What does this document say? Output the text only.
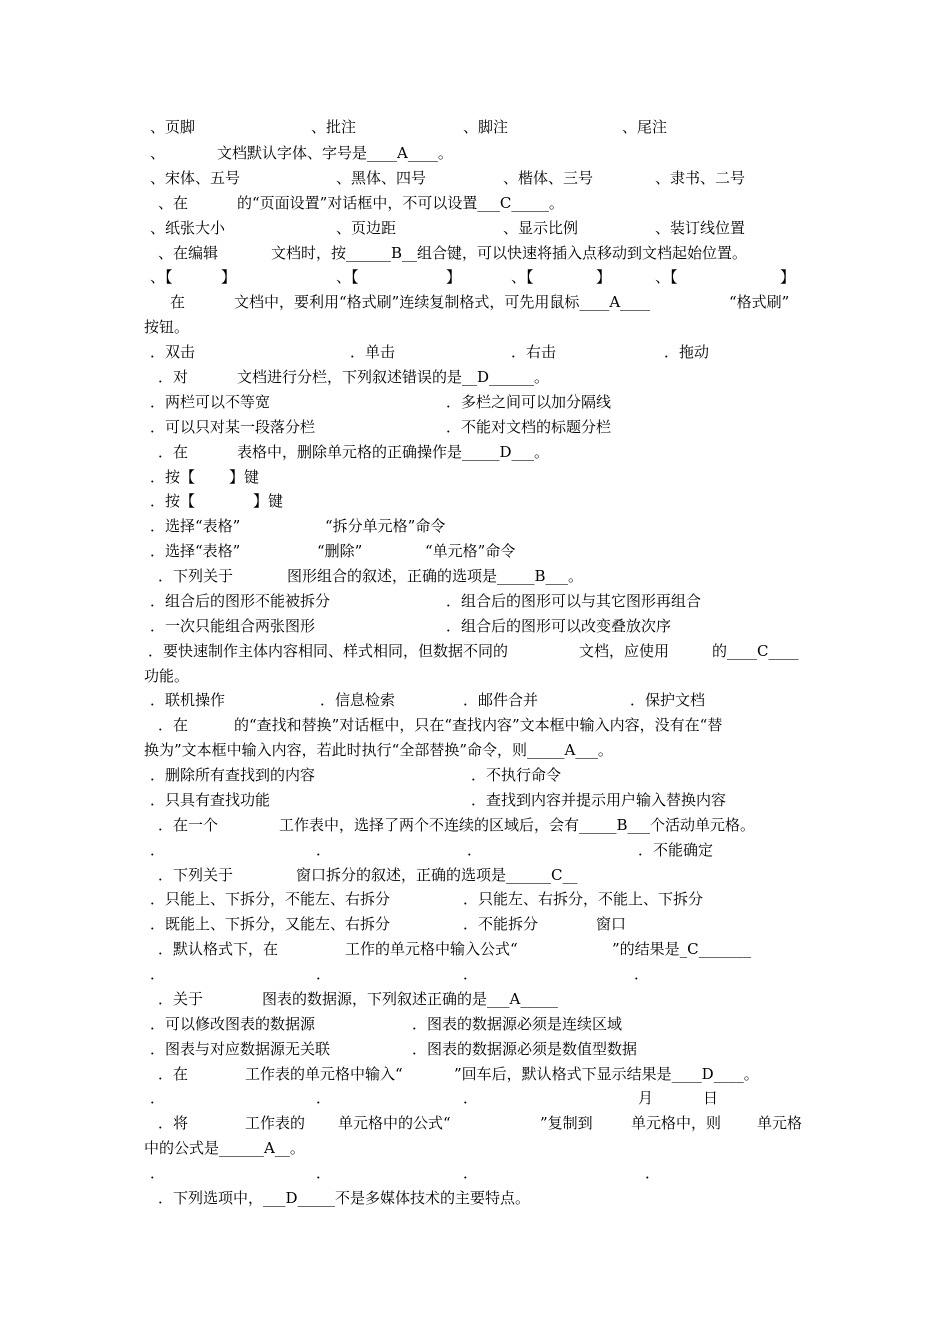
、页脚	、批注	、脚注	、尾注
、	文档默认字体、字号是____A____。
、宋体、五号	、黑体、四号	、楷体、三号	、隶书、二号
、在	的“页面设置”对话框中，不可以设置___C_____。
、纸张大小	、页边距	、显示比例	、装订线位置
、在编辑	文档时，按______B__组合键，可以快速将插入点移动到文档起始位置。
、【	】	、【	】	、【	】	、【	】
在	文档中，要利用“格式刷”连续复制格式，可先用鼠标____A____	“格式刷”
按钮。
．双击	．单击	．右击	．拖动
．对	文档进行分栏，下列叙述错误的是__D______。
．两栏可以不等宽	．多栏之间可以加分隔线
．可以只对某一段落分栏	．不能对文档的标题分栏
．在	表格中，删除单元格的正确操作是_____D___。
．按【 】键
．按【	】键
．选择“表格”	“拆分单元格”命令
．选择“表格”	“删除”	“单元格”命令
．下列关于	图形组合的叙述，正确的选项是_____B___。
．组合后的图形不能被拆分	．组合后的图形可以与其它图形再组合
．一次只能组合两张图形	．组合后的图形可以改变叠放次序
．要快速制作主体内容相同、样式相同，但数据不同的	文档，应使用	的____C____
功能。
．联机操作	．信息检索	．邮件合并	．保护文档
．在	的“查找和替换”对话框中，只在“查找内容”文本框中输入内容，没有在“替
换为”文本框中输入内容，若此时执行“全部替换”命令，则_____A___。
．删除所有查找到的内容	．不执行命令
．只具有查找功能	．查找到内容并提示用户输入替换内容
．在一个	工作表中，选择了两个不连续的区域后，会有_____B___个活动单元格。
．	．	．	．不能确定
．下列关于	窗口拆分的叙述，正确的选项是______C__
．只能上、下拆分，不能左、右拆分	．只能左、右拆分，不能上、下拆分
．既能上、下拆分，又能左、右拆分	．不能拆分	窗口
．默认格式下，在	工作的单元格中输入公式“	”的结果是_C_______
．	．	．	．
．关于	图表的数据源，下列叙述正确的是___A_____
．可以修改图表的数据源	．图表的数据源必须是连续区域
．图表与对应数据源无关联	．图表的数据源必须是数值型数据
．在	工作表的单元格中输入“	”回车后，默认格式下显示结果是____D____。
．	．	．	月	日
．将	工作表的 单元格中的公式“	”复制到	单元格中，则 单元格
中的公式是______A__。
．	．	．	．
．下列选项中，___D_____不是多媒体技术的主要特点。
